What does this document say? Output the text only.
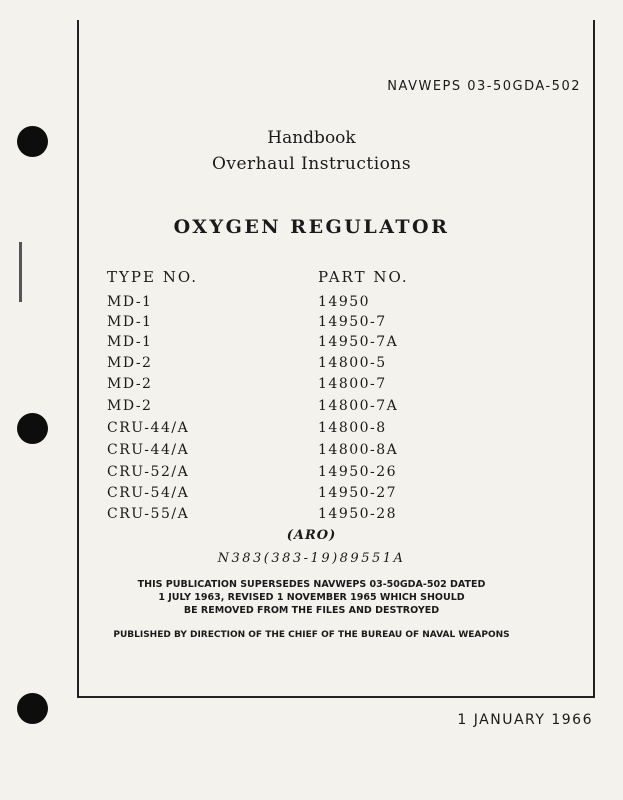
NAVWEPS 03-50GDA-502
Handbook
Overhaul Instructions
OXYGEN REGULATOR
TYPE NO.	PART NO.
MD-1	14950
MD-1	14950-7
MD-1	14950-7A
MD-2	14800-5
MD-2	14800-7
MD-2	14800-7A
CRU-44/A	14800-8
CRU-44/A	14800-8A
CRU-52/A	14950-26
CRU-54/A	14950-27
CRU-55/A	14950-28
(ARO)
N383(383-19)89551A
THIS PUBLICATION SUPERSEDES NAVWEPS 03-50GDA-502 DATED
1 JULY 1963, REVISED 1 NOVEMBER 1965 WHICH SHOULD
BE REMOVED FROM THE FILES AND DESTROYED
PUBLISHED BY DIRECTION OF THE CHIEF OF THE BUREAU OF NAVAL WEAPONS
1 JANUARY 1966
